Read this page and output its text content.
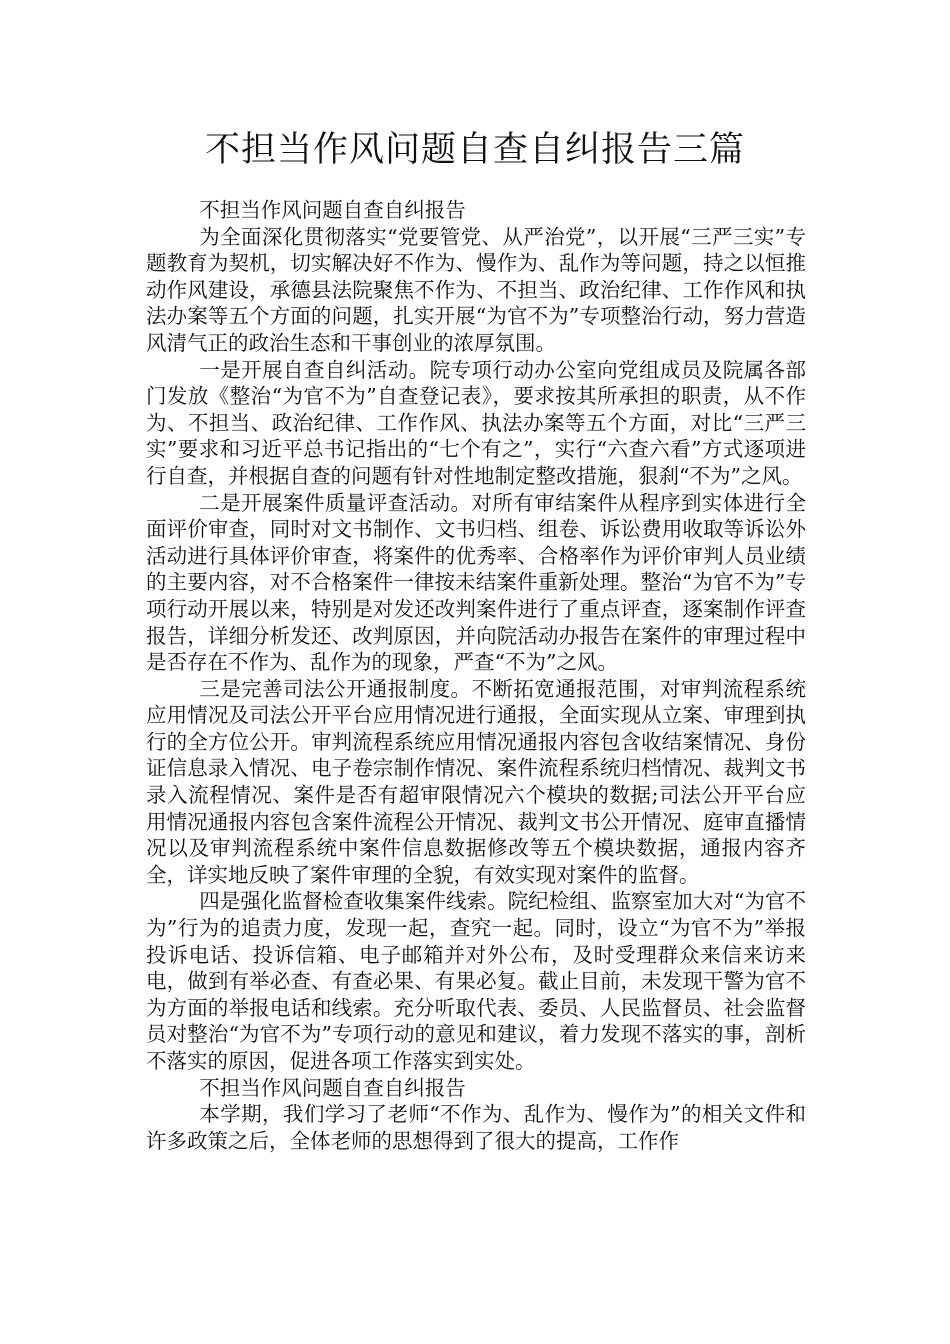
不担当作风问题自查自纠报告三篇

不担当作风问题自查自纠报告

为全面深化贯彻落实“党要管党、从严治党”，以开展“三严三实”专题教育为契机，切实解决好不作为、慢作为、乱作为等问题，持之以恒推动作风建设，承德县法院聚焦不作为、不担当、政治纪律、工作作风和执法办案等五个方面的问题，扎实开展“为官不为”专项整治行动，努力营造风清气正的政治生态和干事创业的浓厚氛围。

一是开展自查自纠活动。院专项行动办公室向党组成员及院属各部门发放《整治“为官不为”自查登记表》，要求按其所承担的职责，从不作为、不担当、政治纪律、工作作风、执法办案等五个方面，对比“三严三实”要求和习近平总书记指出的“七个有之”，实行“六查六看”方式逐项进行自查，并根据自查的问题有针对性地制定整改措施，狠刹“不为”之风。

二是开展案件质量评查活动。对所有审结案件从程序到实体进行全面评价审查，同时对文书制作、文书归档、组卷、诉讼费用收取等诉讼外活动进行具体评价审查，将案件的优秀率、合格率作为评价审判人员业绩的主要内容，对不合格案件一律按未结案件重新处理。整治“为官不为”专项行动开展以来，特别是对发还改判案件进行了重点评查，逐案制作评查报告，详细分析发还、改判原因，并向院活动办报告在案件的审理过程中是否存在不作为、乱作为的现象，严查“不为”之风。

三是完善司法公开通报制度。不断拓宽通报范围，对审判流程系统应用情况及司法公开平台应用情况进行通报，全面实现从立案、审理到执行的全方位公开。审判流程系统应用情况通报内容包含收结案情况、身份证信息录入情况、电子卷宗制作情况、案件流程系统归档情况、裁判文书录入流程情况、案件是否有超审限情况六个模块的数据;司法公开平台应用情况通报内容包含案件流程公开情况、裁判文书公开情况、庭审直播情况以及审判流程系统中案件信息数据修改等五个模块数据，通报内容齐全，详实地反映了案件审理的全貌，有效实现对案件的监督。

四是强化监督检查收集案件线索。院纪检组、监察室加大对“为官不为”行为的追责力度，发现一起，查究一起。同时，设立“为官不为”举报投诉电话、投诉信箱、电子邮箱并对外公布，及时受理群众来信来访来电，做到有举必查、有查必果、有果必复。截止目前，未发现干警为官不为方面的举报电话和线索。充分听取代表、委员、人民监督员、社会监督员对整治“为官不为”专项行动的意见和建议，着力发现不落实的事，剖析不落实的原因，促进各项工作落实到实处。

不担当作风问题自查自纠报告

本学期，我们学习了老师“不作为、乱作为、慢作为”的相关文件和许多政策之后，全体老师的思想得到了很大的提高，工作作
